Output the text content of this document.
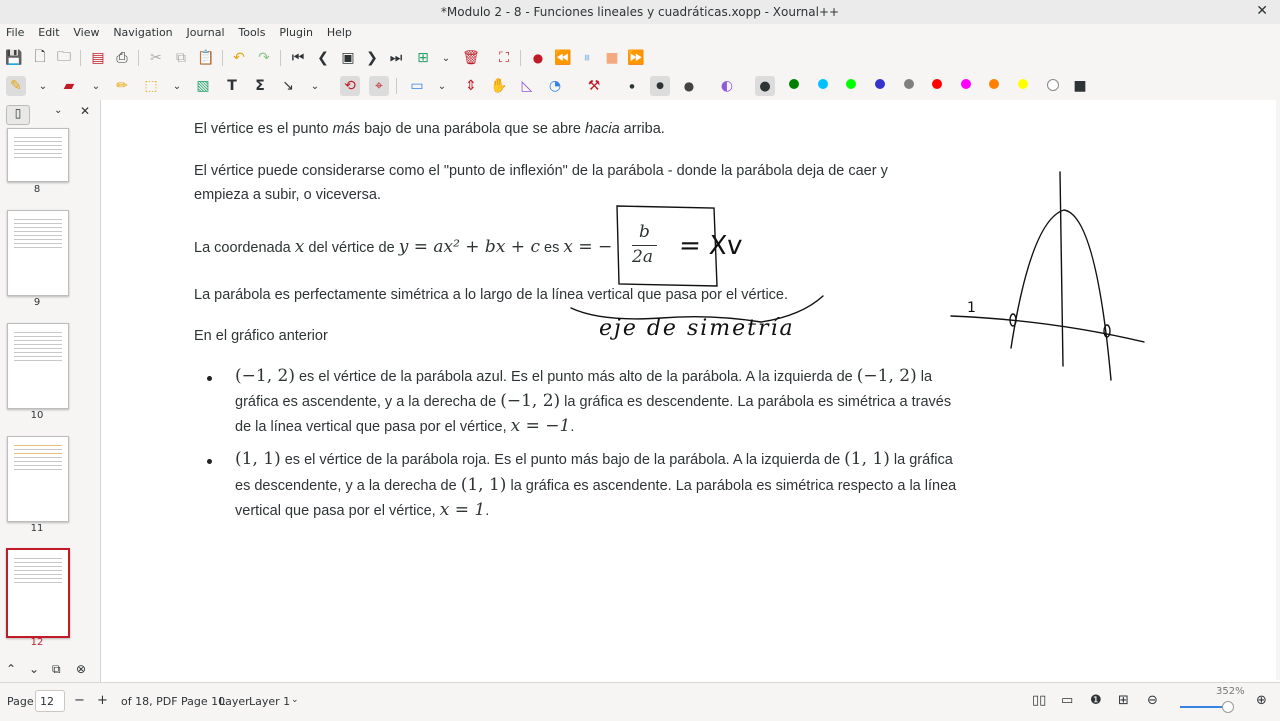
*Modulo 2 - 8 - Funciones lineales y cuadráticas.xopp - Xournal++	✕
File Edit View Navigation Journal Tools Plugin Help
💾 🗋 🗀 ▤ ⎙	✂	⧉ 📋 ↶ ↷ ⏮ ❮ ▣ ❯ ⏭ ⊞	⌄ 🗑	⛶	● ⏪ ⏸	■ ⏩
✎	⌄	▰	⌄	✏ ⬚	⌄	▧	T	Σ	↘	⌄	⟲	⌖	▭	⌄	⇕ ✋ ◺	◔ ⚒	●	●	●	◐	●	■
▯	⌄ ✕
8
9
10
11
12
⌃ ⌄ ⧉ ⊗
El vértice es el punto más bajo de una parábola que se abre hacia arriba.
El vértice puede considerarse como el "punto de inflexión" de la parábola - donde la parábola deja de caer y
empieza a subir, o viceversa.
La coordenada x del vértice de y = ax² + bx + c es x = −
b
2a
La parábola es perfectamente simétrica a lo largo de la línea vertical que pasa por el vértice.
En el gráfico anterior
(−1, 2) es el vértice de la parábola azul. Es el punto más alto de la parábola. A la izquierda de (−1, 2) la
gráfica es ascendente, y a la derecha de (−1, 2) la gráfica es descendente. La parábola es simétrica a través
de la línea vertical que pasa por el vértice, x = −1.
(1, 1) es el vértice de la parábola roja. Es el punto más bajo de la parábola. A la izquierda de (1, 1) la gráfica
es descendente, y a la derecha de (1, 1) la gráfica es ascendente. La parábola es simétrica respecto a la línea
vertical que pasa por el vértice, x = 1.
= Xv
eje de simetría
1
Page 12	− + of 18, PDF Page 10
Layer Layer 1 ⌄	▯▯ ▭ ❶ ⊞ ⊖
352%
⊕
